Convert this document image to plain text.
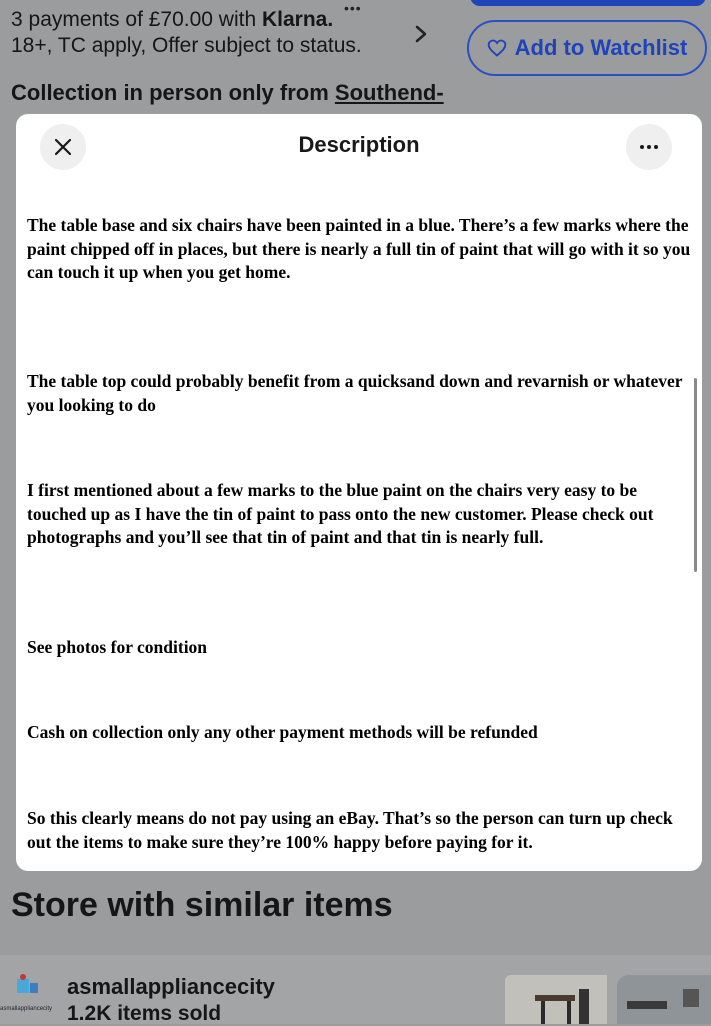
•••
3 payments of £70.00 with Klarna.
18+, TC apply, Offer subject to status.	Add to Watchlist
Collection in person only from Southend-
Store with similar items
asmallappliancecity
asmallappliancecity
1.2K items sold
Description

The table base and six chairs have been painted in a blue. There’s a few marks where the paint chipped off in places, but there is nearly a full tin of paint that will go with it so you can touch it up when you get home.

The table top could probably benefit from a quicksand down and revarnish or whatever you looking to do

I first mentioned about a few marks to the blue paint on the chairs very easy to be touched up as I have the tin of paint to pass onto the new customer. Please check out photographs and you’ll see that tin of paint and that tin is nearly full.

See photos for condition

Cash on collection only any other payment methods will be refunded

So this clearly means do not pay using an eBay. That’s so the person can turn up check out the items to make sure they’re 100% happy before paying for it.
